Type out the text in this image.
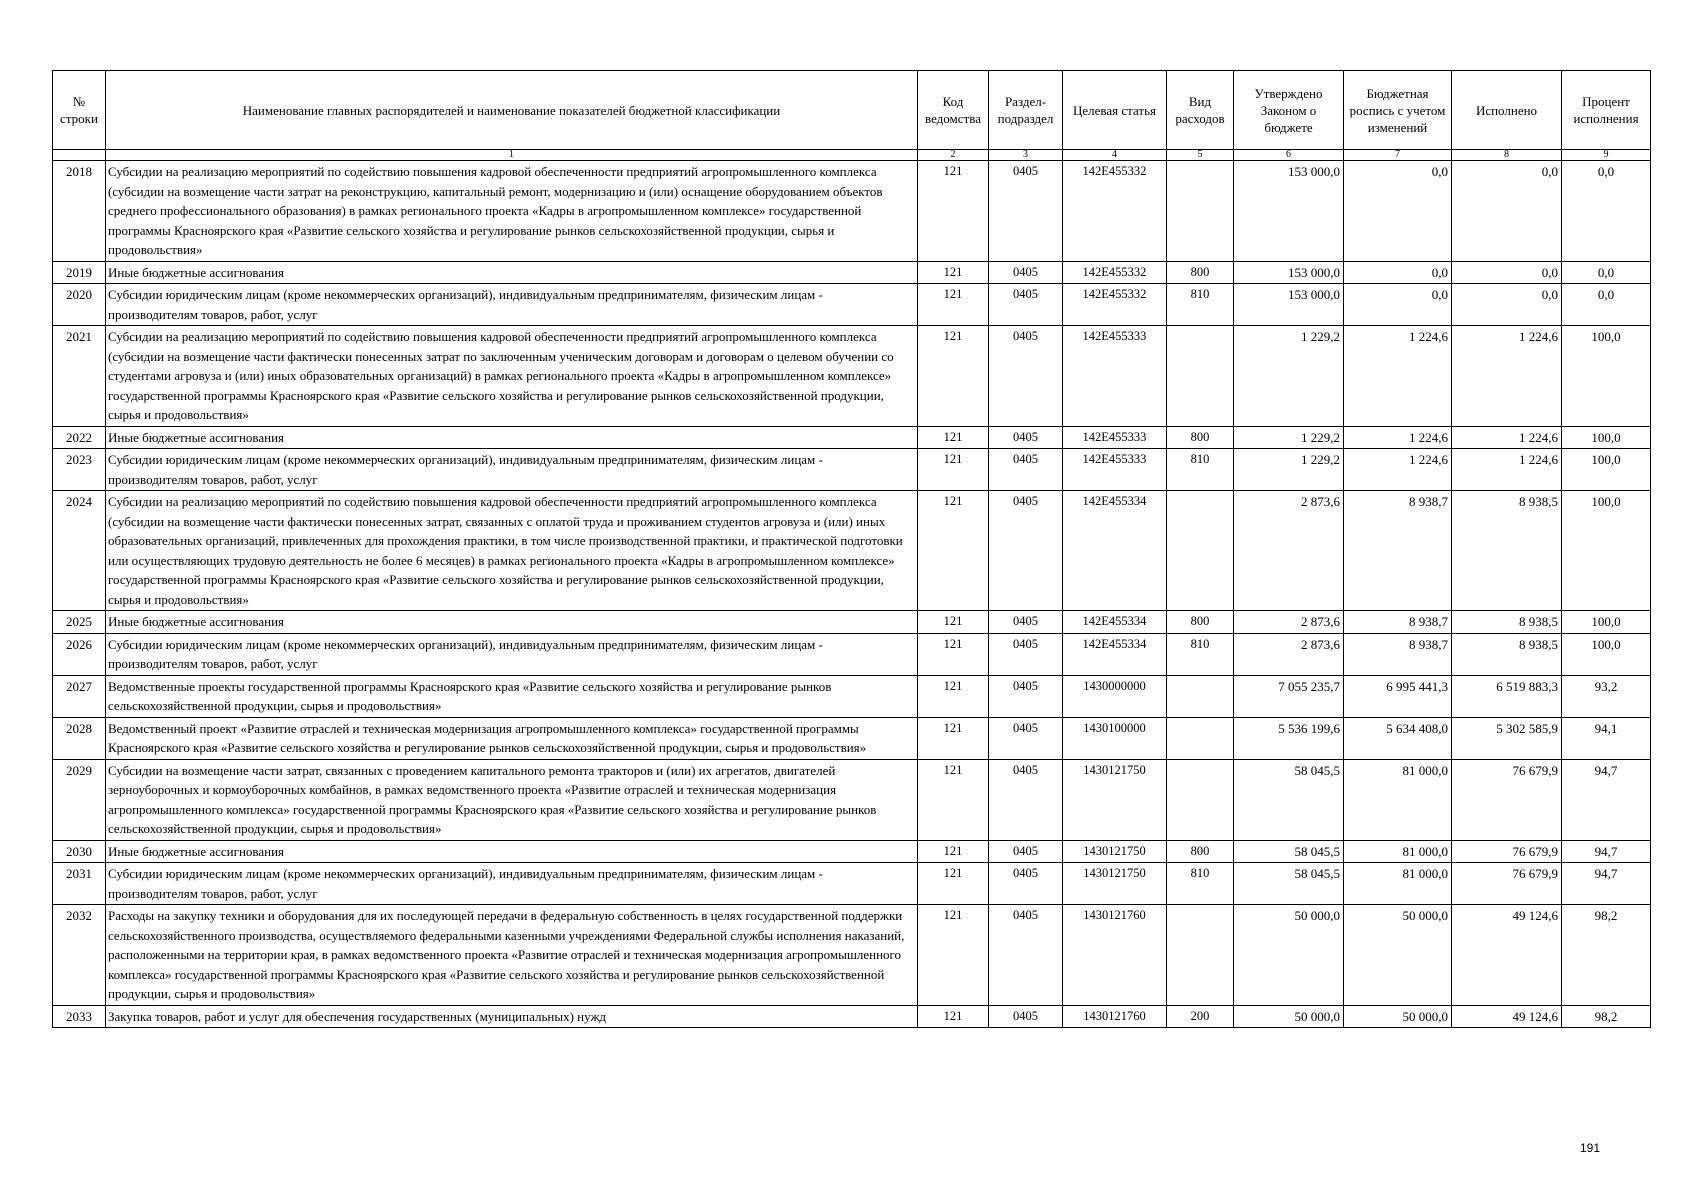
№ строки	Наименование главных распорядителей и наименование показателей бюджетной классификации	Код ведомства	Раздел-подраздел	Целевая статья	Вид расходов	Утверждено Законом о бюджете	Бюджетная роспись с учетом изменений	Исполнено	Процент исполнения
	1	2	3	4	5	6	7	8	9
2018	Субсидии на реализацию мероприятий по содействию повышения кадровой обеспеченности предприятий агропромышленного комплекса (субсидии на возмещение части затрат на реконструкцию, капитальный ремонт, модернизацию и (или) оснащение оборудованием объектов среднего профессионального образования) в рамках регионального проекта «Кадры в агропромышленном комплексе» государственной программы Красноярского края «Развитие сельского хозяйства и регулирование рынков сельскохозяйственной продукции, сырья и продовольствия»	121	0405	142Е455332		153 000,0	0,0	0,0	0,0
2019	Иные бюджетные ассигнования	121	0405	142Е455332	800	153 000,0	0,0	0,0	0,0
2020	Субсидии юридическим лицам (кроме некоммерческих организаций), индивидуальным предпринимателям, физическим лицам - производителям товаров, работ, услуг	121	0405	142Е455332	810	153 000,0	0,0	0,0	0,0
2021	Субсидии на реализацию мероприятий по содействию повышения кадровой обеспеченности предприятий агропромышленного комплекса (субсидии на возмещение части фактически понесенных затрат по заключенным ученическим договорам и договорам о целевом обучении со студентами агровуза и (или) иных образовательных организаций) в рамках регионального проекта «Кадры в агропромышленном комплексе» государственной программы Красноярского края «Развитие сельского хозяйства и регулирование рынков сельскохозяйственной продукции, сырья и продовольствия»	121	0405	142Е455333		1 229,2	1 224,6	1 224,6	100,0
2022	Иные бюджетные ассигнования	121	0405	142Е455333	800	1 229,2	1 224,6	1 224,6	100,0
2023	Субсидии юридическим лицам (кроме некоммерческих организаций), индивидуальным предпринимателям, физическим лицам - производителям товаров, работ, услуг	121	0405	142Е455333	810	1 229,2	1 224,6	1 224,6	100,0
2024	Субсидии на реализацию мероприятий по содействию повышения кадровой обеспеченности предприятий агропромышленного комплекса (субсидии на возмещение части фактически понесенных затрат, связанных с оплатой труда и проживанием студентов агровуза и (или) иных образовательных организаций, привлеченных для прохождения практики, в том числе производственной практики, и практической подготовки или осуществляющих трудовую деятельность не более 6 месяцев) в рамках регионального проекта «Кадры в агропромышленном комплексе» государственной программы Красноярского края «Развитие сельского хозяйства и регулирование рынков сельскохозяйственной продукции, сырья и продовольствия»	121	0405	142Е455334		2 873,6	8 938,7	8 938,5	100,0
2025	Иные бюджетные ассигнования	121	0405	142Е455334	800	2 873,6	8 938,7	8 938,5	100,0
2026	Субсидии юридическим лицам (кроме некоммерческих организаций), индивидуальным предпринимателям, физическим лицам - производителям товаров, работ, услуг	121	0405	142Е455334	810	2 873,6	8 938,7	8 938,5	100,0
2027	Ведомственные проекты государственной программы Красноярского края «Развитие сельского хозяйства и регулирование рынков сельскохозяйственной продукции, сырья и продовольствия»	121	0405	1430000000		7 055 235,7	6 995 441,3	6 519 883,3	93,2
2028	Ведомственный проект «Развитие отраслей и техническая модернизация агропромышленного комплекса» государственной программы Красноярского края «Развитие сельского хозяйства и регулирование рынков сельскохозяйственной продукции, сырья и продовольствия»	121	0405	1430100000		5 536 199,6	5 634 408,0	5 302 585,9	94,1
2029	Субсидии на возмещение части затрат, связанных с проведением капитального ремонта тракторов и (или) их агрегатов, двигателей зерноуборочных и кормоуборочных комбайнов, в рамках ведомственного проекта «Развитие отраслей и техническая модернизация агропромышленного комплекса» государственной программы Красноярского края «Развитие сельского хозяйства и регулирование рынков сельскохозяйственной продукции, сырья и продовольствия»	121	0405	1430121750		58 045,5	81 000,0	76 679,9	94,7
2030	Иные бюджетные ассигнования	121	0405	1430121750	800	58 045,5	81 000,0	76 679,9	94,7
2031	Субсидии юридическим лицам (кроме некоммерческих организаций), индивидуальным предпринимателям, физическим лицам - производителям товаров, работ, услуг	121	0405	1430121750	810	58 045,5	81 000,0	76 679,9	94,7
2032	Расходы на закупку техники и оборудования для их последующей передачи в федеральную собственность в целях государственной поддержки сельскохозяйственного производства, осуществляемого федеральными казенными учреждениями Федеральной службы исполнения наказаний, расположенными на территории края, в рамках ведомственного проекта «Развитие отраслей и техническая модернизация агропромышленного комплекса» государственной программы Красноярского края «Развитие сельского хозяйства и регулирование рынков сельскохозяйственной продукции, сырья и продовольствия»	121	0405	1430121760		50 000,0	50 000,0	49 124,6	98,2
2033	Закупка товаров, работ и услуг для обеспечения государственных (муниципальных) нужд	121	0405	1430121760	200	50 000,0	50 000,0	49 124,6	98,2
191
